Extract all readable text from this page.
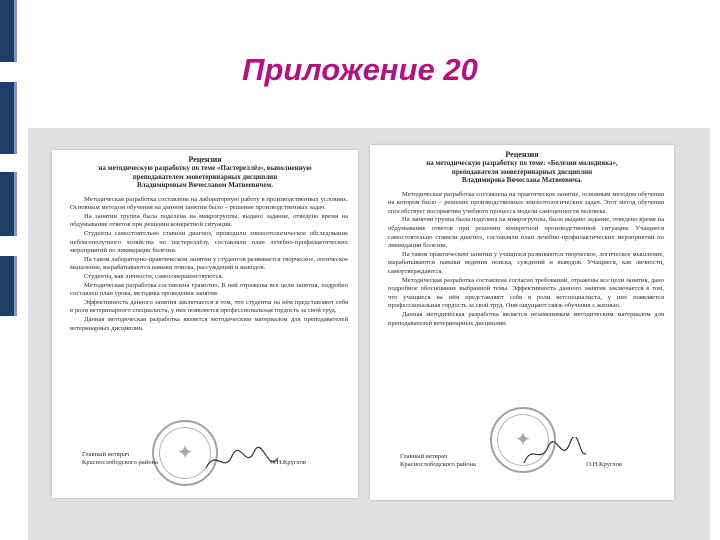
Приложение 20
Рецензия
на методическую разработку по теме «Пастереллёз», выполненную
преподавателем зооветеринарных дисциплин
Владимировым Вячеславом Матвеевичем.

Методическая разработка составлена на лабораторную работу в производственных условиях. Основным методом обучения на данном занятии было – решение производственных задач.

На занятии группа была поделена на микрогруппы, выдано задание, отведено время на обдумывание ответов при решении конкретной ситуации.

Студенты самостоятельно ставили диагноз, проводили эпизоотологическое обследование неблагополучного хозяйства по пастереллёзу, составляли план лечебно-профилактических мероприятий по ликвидации болезни.

На таком лабораторно-практическом занятии у студентов развивается творческое, логическое мышление, вырабатываются навыки поиска, рассуждений и выводов.

Студенты, как личности, самосовершенствуются.

Методическая разработка составлена грамотно. В ней отражены все цели занятия, подробно составлен план урока, методика проведения занятия.

Эффективность данного занятия заключается в том, что студенты на нём представляют себя в роли ветеринарного специалиста, у них появляется профессиональная гордость за свой труд.

Данная методическая разработка является методическим материалом для преподавателей ветеринарных дисциплин.

✦
Главный ветврач
Краснослободского района	О.Н.Круглов
Рецензия
на методическую разработку по теме: «Болезни молодняка»,
преподавателя зооветеринарных дисциплин
Владимирова Вячеслава Матвеевича.

Методическая разработка составлена на практическое занятие, основным методом обучения на котором было – решение производственных эпизоотологических задач. Этот метод обучения способствует восприятию учебного процесса модели самоценности человека.

На занятии группа была поделена на микрогруппы, было выдано задание, отведено время на обдумывание ответов при решении конкретной производственной ситуации. Учащиеся самостоятельно ставили диагноз, составляли план лечебно-профилактических мероприятий по ликвидации болезни.

На таком практическом занятии у учащихся развиваются творческое, логическое мышление, вырабатываются навыки ведения поиска, суждений и выводов. Учащиеся, как личности, самоутверждаются.

Методическая разработка составлена согласно требований, отражены все цели занятия, дано подробное обоснование выбранной темы. Эффективность данного занятия заключается в том, что учащиеся на нём представляют себя в роли ветспециалиста, у них появляется профессиональная гордость за свой труд. Они ощущают связь обучения с жизнью.

Данная методическая разработка является незаменимым методическим материалом для преподавателей ветеринарных дисциплин.

✦
Главный ветврач
Краснослободского района	О.Н.Круглов
